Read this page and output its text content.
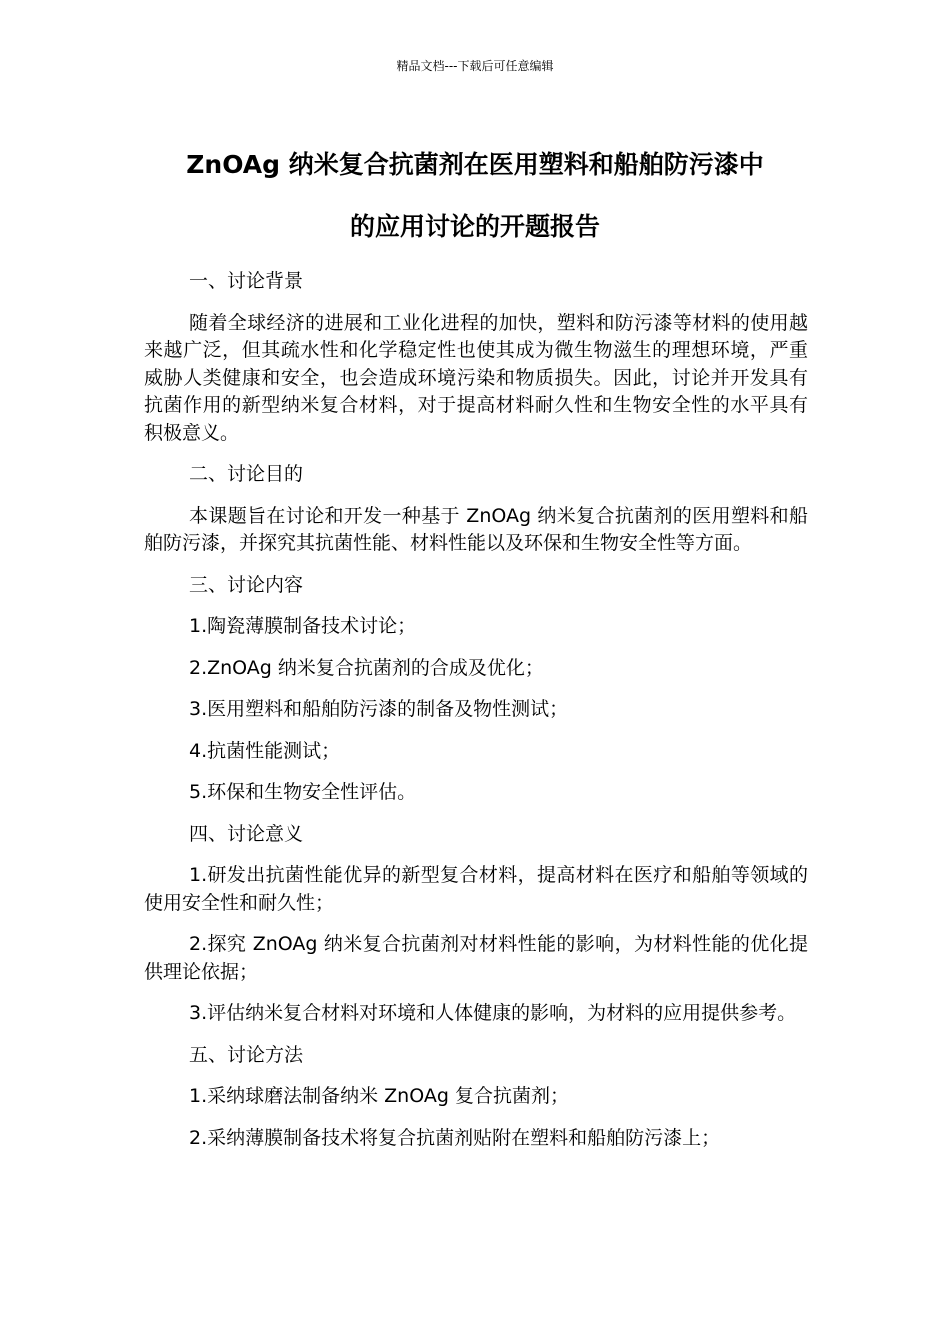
精品文档---下载后可任意编辑
ZnOAg 纳米复合抗菌剂在医用塑料和船舶防污漆中
的应用讨论的开题报告

一、讨论背景

随着全球经济的进展和工业化进程的加快，塑料和防污漆等材料的使用越来越广泛，但其疏水性和化学稳定性也使其成为微生物滋生的理想环境，严重威胁人类健康和安全，也会造成环境污染和物质损失。因此，讨论并开发具有抗菌作用的新型纳米复合材料，对于提高材料耐久性和生物安全性的水平具有积极意义。

二、讨论目的

本课题旨在讨论和开发一种基于 ZnOAg 纳米复合抗菌剂的医用塑料和船舶防污漆，并探究其抗菌性能、材料性能以及环保和生物安全性等方面。

三、讨论内容

1.陶瓷薄膜制备技术讨论；

2.ZnOAg 纳米复合抗菌剂的合成及优化；

3.医用塑料和船舶防污漆的制备及物性测试；

4.抗菌性能测试；

5.环保和生物安全性评估。

四、讨论意义

1.研发出抗菌性能优异的新型复合材料，提高材料在医疗和船舶等领域的使用安全性和耐久性；

2.探究 ZnOAg 纳米复合抗菌剂对材料性能的影响，为材料性能的优化提供理论依据；

3.评估纳米复合材料对环境和人体健康的影响，为材料的应用提供参考。

五、讨论方法

1.采纳球磨法制备纳米 ZnOAg 复合抗菌剂；

2.采纳薄膜制备技术将复合抗菌剂贴附在塑料和船舶防污漆上；
